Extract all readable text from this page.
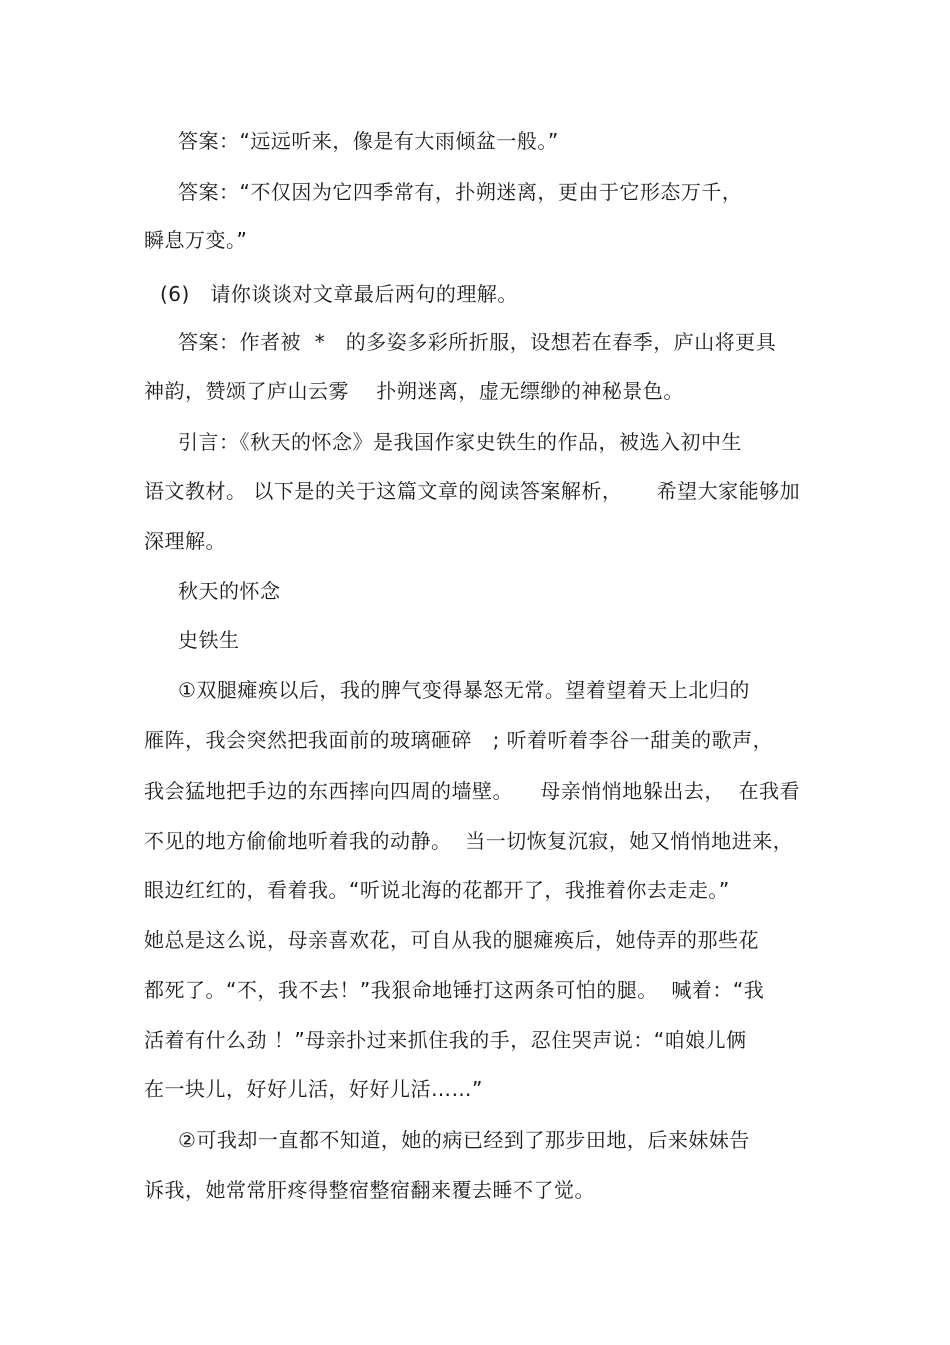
答案：“远远听来，像是有大雨倾盆一般。”
答案：“不仅因为它四季常有，扑朔迷离，更由于它形态万千，
瞬息万变。”
(6)   请你谈谈对文章最后两句的理解。
答案：作者被  *   的多姿多彩所折服，设想若在春季，庐山将更具
神韵，赞颂了庐山云雾    扑朔迷离，虚无缥缈的神秘景色。
引言：《秋天的怀念》是我国作家史铁生的作品，被选入初中生
语文教材。 以下是的关于这篇文章的阅读答案解析，     希望大家能够加
深理解。
秋天的怀念
史铁生
①双腿瘫痪以后，我的脾气变得暴怒无常。望着望着天上北归的
雁阵，我会突然把我面前的玻璃砸碎   ; 听着听着李谷一甜美的歌声，
我会猛地把手边的东西摔向四周的墙壁。    母亲悄悄地躲出去，  在我看
不见的地方偷偷地听着我的动静。  当一切恢复沉寂，她又悄悄地进来，
眼边红红的，看着我。“听说北海的花都开了，我推着你去走走。”
她总是这么说，母亲喜欢花，可自从我的腿瘫痪后，她侍弄的那些花
都死了。“不，我不去！”我狠命地锤打这两条可怕的腿。  喊着：“我
活着有什么劲 ！”母亲扑过来抓住我的手，忍住哭声说：“咱娘儿俩
在一块儿，好好儿活，好好儿活……”
②可我却一直都不知道，她的病已经到了那步田地，后来妹妹告
诉我，她常常肝疼得整宿整宿翻来覆去睡不了觉。
